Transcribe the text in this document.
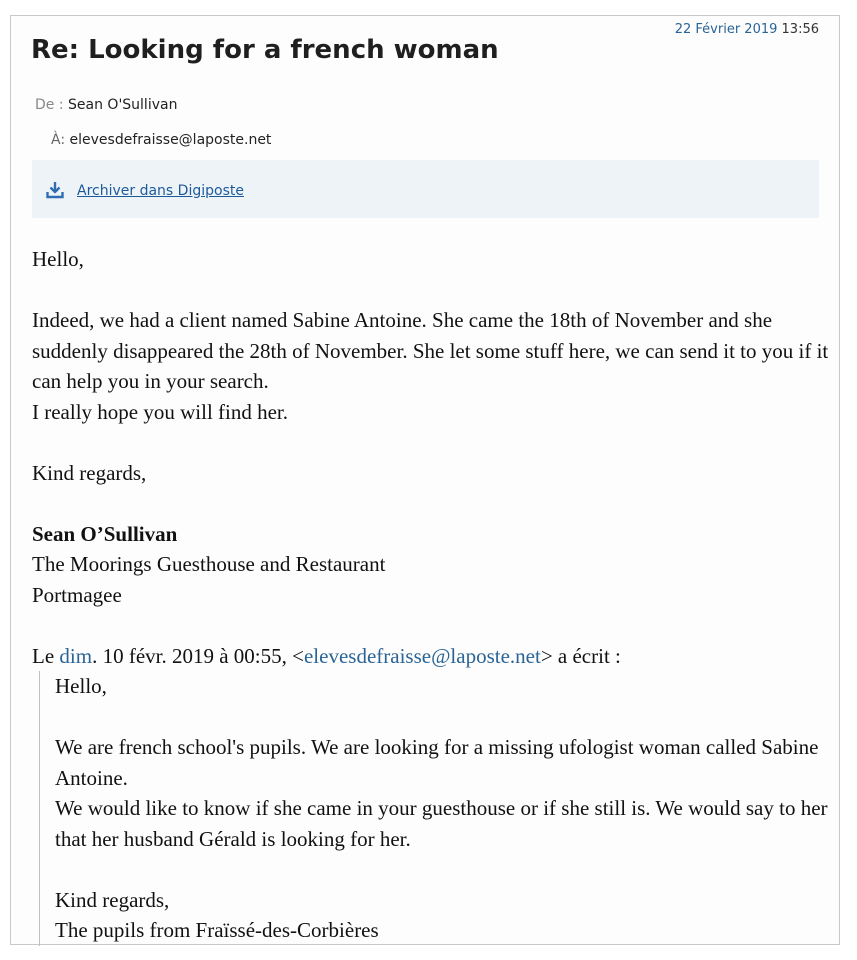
22 Février 2019 13:56
Re: Looking for a french woman
De : Sean O'Sullivan
À: elevesdefraisse@laposte.net
Archiver dans Digiposte

Hello,

Indeed, we had a client named Sabine Antoine. She came the 18th of November and she suddenly disappeared the 28th of November. She let some stuff here, we can send it to you if it can help you in your search.

I really hope you will find her.

Kind regards,

Sean O’Sullivan

The Moorings Guesthouse and Restaurant

Portmagee

Le dim. 10 févr. 2019 à 00:55, <elevesdefraisse@laposte.net> a écrit :

Hello,

We are french school's pupils. We are looking for a missing ufologist woman called Sabine Antoine.

We would like to know if she came in your guesthouse or if she still is. We would say to her that her husband Gérald is looking for her.

Kind regards,

The pupils from Fraïssé-des-Corbières
